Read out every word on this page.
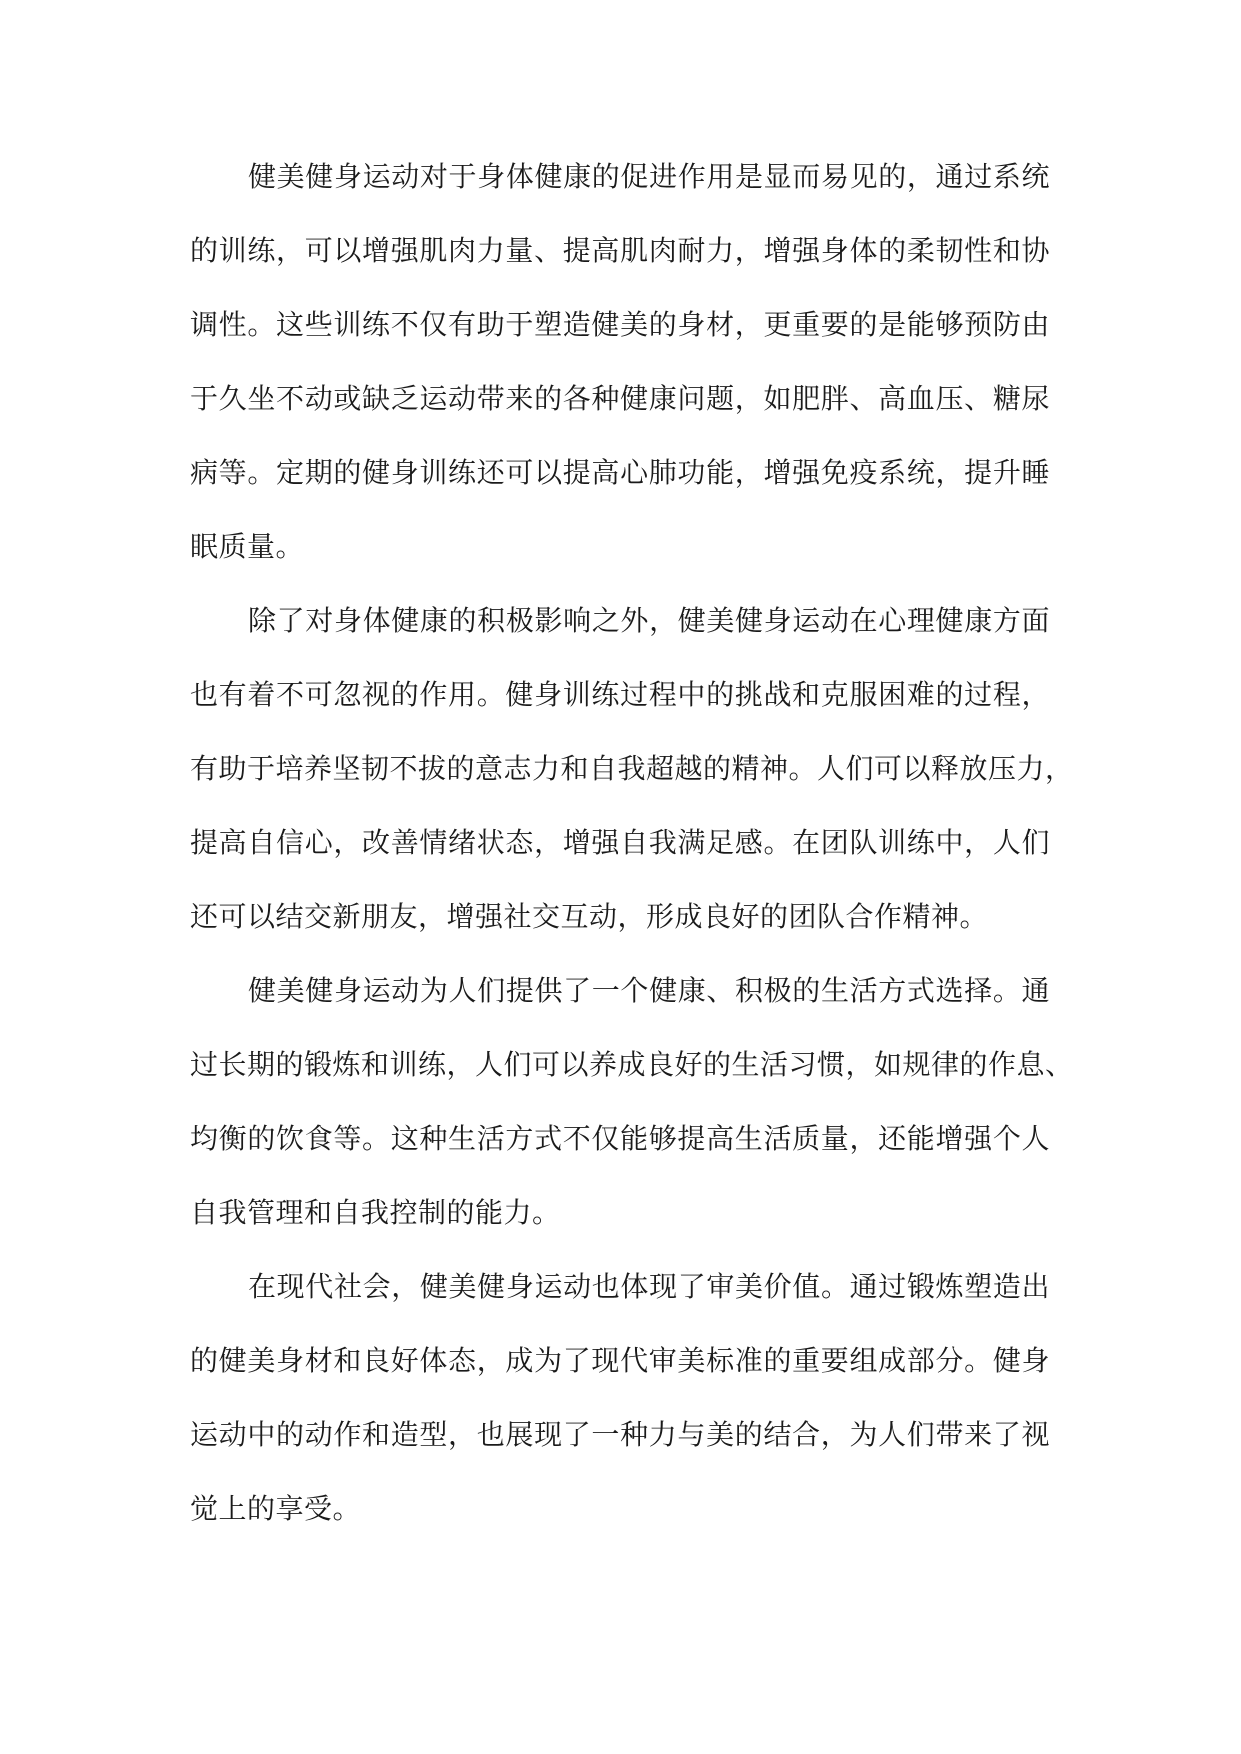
健美健身运动对于身体健康的促进作用是显而易见的，通过系统

的训练，可以增强肌肉力量、提高肌肉耐力，增强身体的柔韧性和协

调性。这些训练不仅有助于塑造健美的身材，更重要的是能够预防由

于久坐不动或缺乏运动带来的各种健康问题，如肥胖、高血压、糖尿

病等。定期的健身训练还可以提高心肺功能，增强免疫系统，提升睡

眠质量。

除了对身体健康的积极影响之外，健美健身运动在心理健康方面

也有着不可忽视的作用。健身训练过程中的挑战和克服困难的过程，

有助于培养坚韧不拔的意志力和自我超越的精神。人们可以释放压力，

提高自信心，改善情绪状态，增强自我满足感。在团队训练中，人们

还可以结交新朋友，增强社交互动，形成良好的团队合作精神。

健美健身运动为人们提供了一个健康、积极的生活方式选择。通

过长期的锻炼和训练，人们可以养成良好的生活习惯，如规律的作息、

均衡的饮食等。这种生活方式不仅能够提高生活质量，还能增强个人

自我管理和自我控制的能力。

在现代社会，健美健身运动也体现了审美价值。通过锻炼塑造出

的健美身材和良好体态，成为了现代审美标准的重要组成部分。健身

运动中的动作和造型，也展现了一种力与美的结合，为人们带来了视

觉上的享受。
